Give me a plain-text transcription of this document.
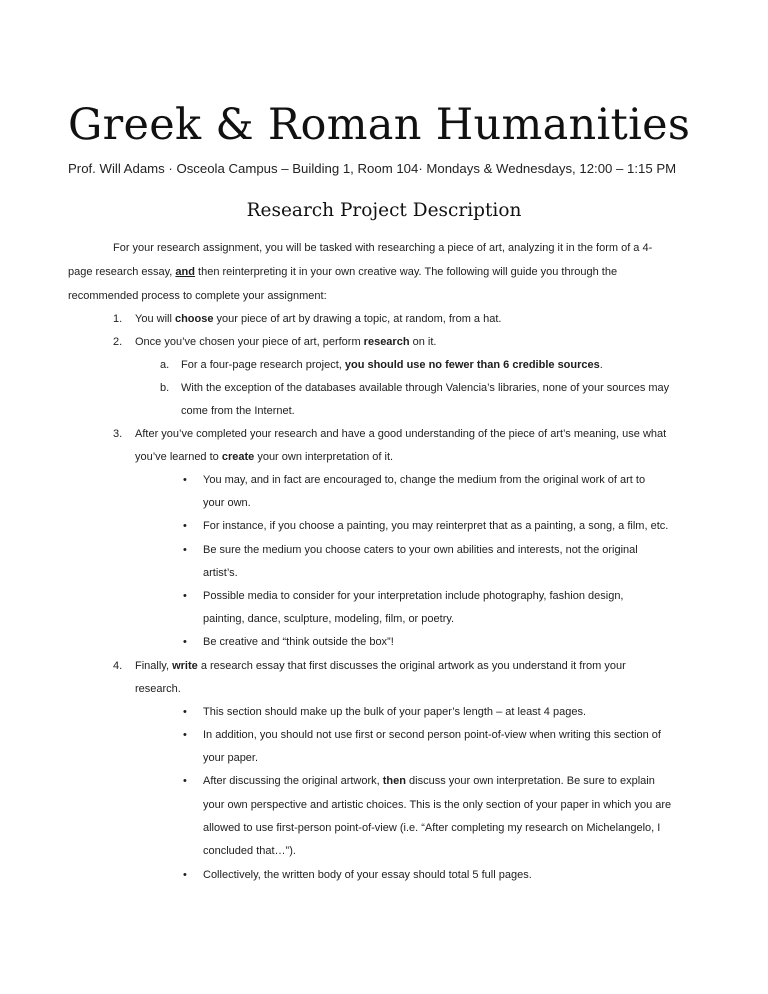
Greek & Roman Humanities
Prof. Will Adams · Osceola Campus – Building 1, Room 104· Mondays & Wednesdays, 12:00 – 1:15 PM
Research Project Description
For your research assignment, you will be tasked with researching a piece of art, analyzing it in the form of a 4-
page research essay, and then reinterpreting it in your own creative way. The following will guide you through the
recommended process to complete your assignment:
1. You will choose your piece of art by drawing a topic, at random, from a hat.
2. Once you’ve chosen your piece of art, perform research on it.
a. For a four-page research project, you should use no fewer than 6 credible sources.
b. With the exception of the databases available through Valencia’s libraries, none of your sources may
come from the Internet.
3. After you’ve completed your research and have a good understanding of the piece of art’s meaning, use what
you’ve learned to create your own interpretation of it.
• You may, and in fact are encouraged to, change the medium from the original work of art to
your own.
• For instance, if you choose a painting, you may reinterpret that as a painting, a song, a film, etc.
• Be sure the medium you choose caters to your own abilities and interests, not the original
artist’s.
• Possible media to consider for your interpretation include photography, fashion design,
painting, dance, sculpture, modeling, film, or poetry.
• Be creative and “think outside the box”!
4. Finally, write a research essay that first discusses the original artwork as you understand it from your
research.
• This section should make up the bulk of your paper’s length – at least 4 pages.
• In addition, you should not use first or second person point-of-view when writing this section of
your paper.
• After discussing the original artwork, then discuss your own interpretation. Be sure to explain
your own perspective and artistic choices. This is the only section of your paper in which you are
allowed to use first-person point-of-view (i.e. “After completing my research on Michelangelo, I
concluded that…”).
• Collectively, the written body of your essay should total 5 full pages.
